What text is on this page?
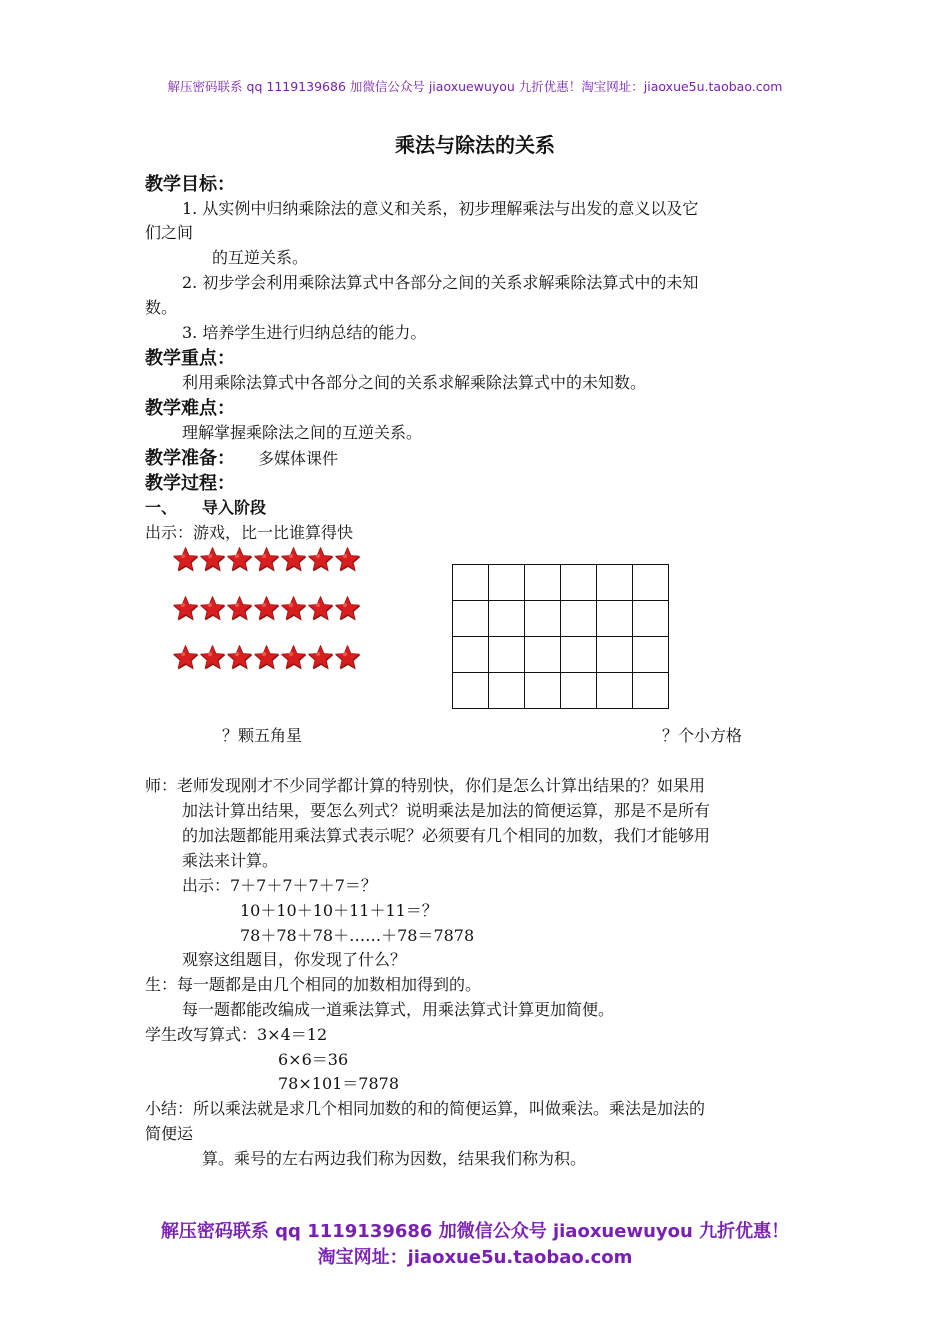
解压密码联系 qq 1119139686 加微信公众号 jiaoxuewuyou 九折优惠！淘宝网址：jiaoxue5u.taobao.com
乘法与除法的关系
教学目标：
1. 从实例中归纳乘除法的意义和关系，初步理解乘法与出发的意义以及它
们之间
的互逆关系。
2. 初步学会利用乘除法算式中各部分之间的关系求解乘除法算式中的未知
数。
3. 培养学生进行归纳总结的能力。
教学重点：
利用乘除法算式中各部分之间的关系求解乘除法算式中的未知数。
教学难点：
理解掌握乘除法之间的互逆关系。
教学准备： 多媒体课件
教学过程：
一、 导入阶段
出示：游戏，比一比谁算得快

？颗五角星	？个小方格
师：老师发现刚才不少同学都计算的特别快，你们是怎么计算出结果的？如果用
加法计算出结果，要怎么列式？说明乘法是加法的简便运算，那是不是所有
的加法题都能用乘法算式表示呢？必须要有几个相同的加数，我们才能够用
乘法来计算。
出示：7＋7＋7＋7＋7＝？
10＋10＋10＋11＋11＝？
78＋78＋78＋……＋78＝7878
观察这组题目，你发现了什么？
生：每一题都是由几个相同的加数相加得到的。
每一题都能改编成一道乘法算式，用乘法算式计算更加简便。
学生改写算式：3×4＝12
6×6＝36
78×101＝7878
小结：所以乘法就是求几个相同加数的和的简便运算，叫做乘法。乘法是加法的
简便运
算。乘号的左右两边我们称为因数，结果我们称为积。
解压密码联系 qq 1119139686 加微信公众号 jiaoxuewuyou 九折优惠！
淘宝网址：jiaoxue5u.taobao.com
